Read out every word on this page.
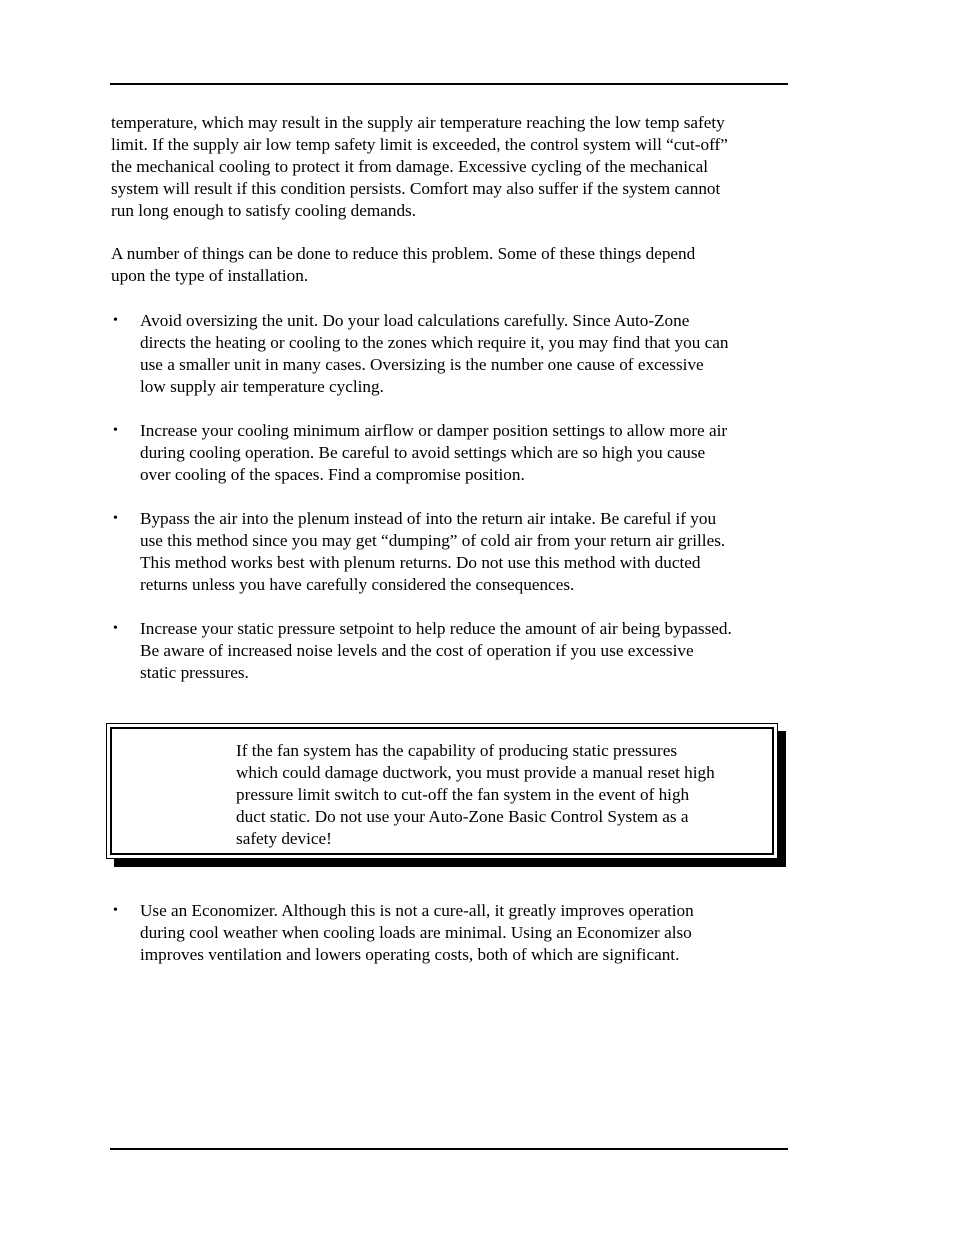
temperature, which may result in the supply air temperature reaching the low temp safety
limit. If the supply air low temp safety limit is exceeded, the control system will “cut-off”
the mechanical cooling to protect it from damage. Excessive cycling of the mechanical
system will result if this condition persists. Comfort may also suffer if the system cannot
run long enough to satisfy cooling demands.
A number of things can be done to reduce this problem. Some of these things depend
upon the type of installation.
• Avoid oversizing the unit. Do your load calculations carefully. Since Auto-Zone
directs the heating or cooling to the zones which require it, you may find that you can
use a smaller unit in many cases. Oversizing is the number one cause of excessive
low supply air temperature cycling.
• Increase your cooling minimum airflow or damper position settings to allow more air
during cooling operation. Be careful to avoid settings which are so high you cause
over cooling of the spaces. Find a compromise position.
• Bypass the air into the plenum instead of into the return air intake. Be careful if you
use this method since you may get “dumping” of cold air from your return air grilles.
This method works best with plenum returns. Do not use this method with ducted
returns unless you have carefully considered the consequences.
• Increase your static pressure setpoint to help reduce the amount of air being bypassed.
Be aware of increased noise levels and the cost of operation if you use excessive
static pressures.
If the fan system has the capability of producing static pressures
which could damage ductwork, you must provide a manual reset high
pressure limit switch to cut-off the fan system in the event of high
duct static. Do not use your Auto-Zone Basic Control System as a
safety device!
• Use an Economizer. Although this is not a cure-all, it greatly improves operation
during cool weather when cooling loads are minimal. Using an Economizer also
improves ventilation and lowers operating costs, both of which are significant.
